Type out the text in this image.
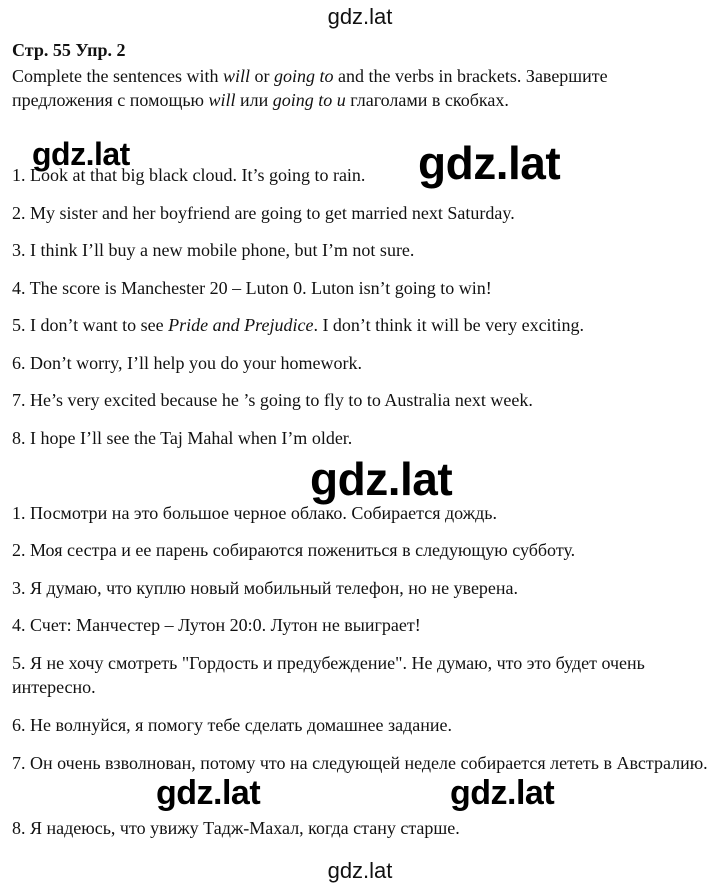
gdz.lat
Стр. 55 Упр. 2
Complete the sentences with will or going to and the verbs in brackets. Завершите предложения с помощью will или going to и глаголами в скобках.
1. Look at that big black cloud. It’s going to rain.
2. My sister and her boyfriend are going to get married next Saturday.
3. I think I’ll buy a new mobile phone, but I’m not sure.
4. The score is Manchester 20 – Luton 0. Luton isn’t going to win!
5. I don’t want to see Pride and Prejudice. I don’t think it will be very exciting.
6. Don’t worry, I’ll help you do your homework.
7. He’s very excited because he ’s going to fly to to Australia next week.
8. I hope I’ll see the Taj Mahal when I’m older.
1. Посмотри на это большое черное облако. Собирается дождь.
2. Моя сестра и ее парень собираются пожениться в следующую субботу.
3. Я думаю, что куплю новый мобильный телефон, но не уверена.
4. Счет: Манчестер – Лутон 20:0. Лутон не выиграет!
5. Я не хочу смотреть "Гордость и предубеждение". Не думаю, что это будет очень интересно.
6. Не волнуйся, я помогу тебе сделать домашнее задание.
7. Он очень взволнован, потому что на следующей неделе собирается лететь в Австралию.
8. Я надеюсь, что увижу Тадж-Махал, когда стану старше.
gdz.lat	gdz.lat
gdz.lat
gdz.lat	gdz.lat
gdz.lat
